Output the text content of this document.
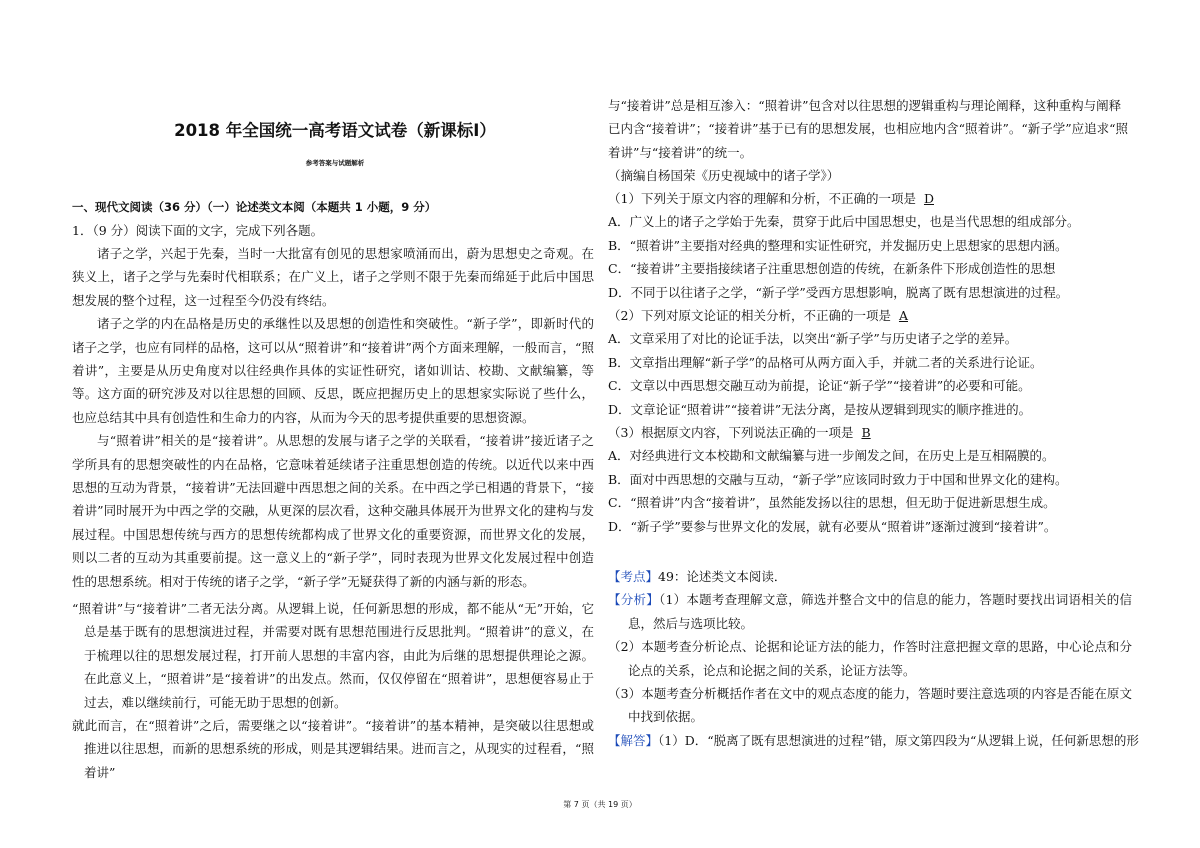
2018 年全国统一高考语文试卷（新课标Ⅰ）
参考答案与试题解析
一、现代文阅读（36 分）（一）论述类文本阅（本题共 1 小题，9 分）
1．（9 分）阅读下面的文字，完成下列各题。

诸子之学，兴起于先秦，当时一大批富有创见的思想家喷涌而出，蔚为思想史之奇观。在狭义上，诸子之学与先秦时代相联系；在广义上，诸子之学则不限于先秦而绵延于此后中国思想发展的整个过程，这一过程至今仍没有终结。

诸子之学的内在品格是历史的承继性以及思想的创造性和突破性。“新子学”，即新时代的诸子之学，也应有同样的品格，这可以从“照着讲”和“接着讲”两个方面来理解，一般而言，“照着讲”，主要是从历史角度对以往经典作具体的实证性研究，诸如训诂、校勘、文献编纂，等等。这方面的研究涉及对以往思想的回顾、反思，既应把握历史上的思想家实际说了些什么，也应总结其中具有创造性和生命力的内容，从而为今天的思考提供重要的思想资源。

与“照着讲”相关的是“接着讲”。从思想的发展与诸子之学的关联看，“接着讲”接近诸子之学所具有的思想突破性的内在品格，它意味着延续诸子注重思想创造的传统。以近代以来中西思想的互动为背景，“接着讲”无法回避中西思想之间的关系。在中西之学已相遇的背景下，“接着讲”同时展开为中西之学的交融，从更深的层次看，这种交融具体展开为世界文化的建构与发展过程。中国思想传统与西方的思想传统都构成了世界文化的重要资源，而世界文化的发展，则以二者的互动为其重要前提。这一意义上的“新子学”，同时表现为世界文化发展过程中创造性的思想系统。相对于传统的诸子之学，“新子学”无疑获得了新的内涵与新的形态。

“照着讲”与“接着讲”二者无法分离。从逻辑上说，任何新思想的形成，都不能从“无”开始，它总是基于既有的思想演进过程，并需要对既有思想范围进行反思批判。“照着讲”的意义，在于梳理以往的思想发展过程，打开前人思想的丰富内容，由此为后继的思想提供理论之源。在此意义上，“照着讲”是“接着讲”的出发点。然而，仅仅停留在“照着讲”，思想便容易止于过去，难以继续前行，可能无助于思想的创新。

就此而言，在“照着讲”之后，需要继之以“接着讲”。“接着讲”的基本精神，是突破以往思想或推进以往思想，而新的思想系统的形成，则是其逻辑结果。进而言之，从现实的过程看，“照着讲”

与“接着讲”总是相互渗入：“照着讲”包含对以往思想的逻辑重构与理论阐释，这种重构与阐释

已内含“接着讲”；“接着讲”基于已有的思想发展，也相应地内含“照着讲”。“新子学”应追求“照

着讲”与“接着讲”的统一。

（摘编自杨国荣《历史视域中的诸子学》）

（1）下列关于原文内容的理解和分析，不正确的一项是 D

A．广义上的诸子之学始于先秦，贯穿于此后中国思想史，也是当代思想的组成部分。

B．“照着讲”主要指对经典的整理和实证性研究，并发掘历史上思想家的思想内涵。

C．“接着讲”主要指接续诸子注重思想创造的传统，在新条件下形成创造性的思想

D．不同于以往诸子之学，“新子学”受西方思想影响，脱离了既有思想演进的过程。

（2）下列对原文论证的相关分析，不正确的一项是 A

A．文章采用了对比的论证手法，以突出“新子学”与历史诸子之学的差异。

B．文章指出理解“新子学”的品格可从两方面入手，并就二者的关系进行论证。

C．文章以中西思想交融互动为前提，论证“新子学”“接着讲”的必要和可能。

D．文章论证“照着讲”“接着讲”无法分离，是按从逻辑到现实的顺序推进的。

（3）根据原文内容，下列说法正确的一项是 B

A．对经典进行文本校勘和文献编纂与进一步阐发之间，在历史上是互相隔膜的。

B．面对中西思想的交融与互动，“新子学”应该同时致力于中国和世界文化的建构。

C．“照着讲”内含“接着讲”，虽然能发扬以往的思想，但无助于促进新思想生成。

D．“新子学”要参与世界文化的发展，就有必要从“照着讲”逐渐过渡到“接着讲”。

【考点】49：论述类文本阅读．

【分析】（1）本题考查理解文意，筛选并整合文中的信息的能力，答题时要找出词语相关的信息，然后与选项比较。

（2）本题考查分析论点、论据和论证方法的能力，作答时注意把握文章的思路，中心论点和分论点的关系，论点和论据之间的关系，论证方法等。

（3）本题考查分析概括作者在文中的观点态度的能力，答题时要注意选项的内容是否能在原文中找到依据。

【解答】（1）D．“脱离了既有思想演进的过程”错，原文第四段为“从逻辑上说，任何新思想的形

第 7 页（共 19 页）
